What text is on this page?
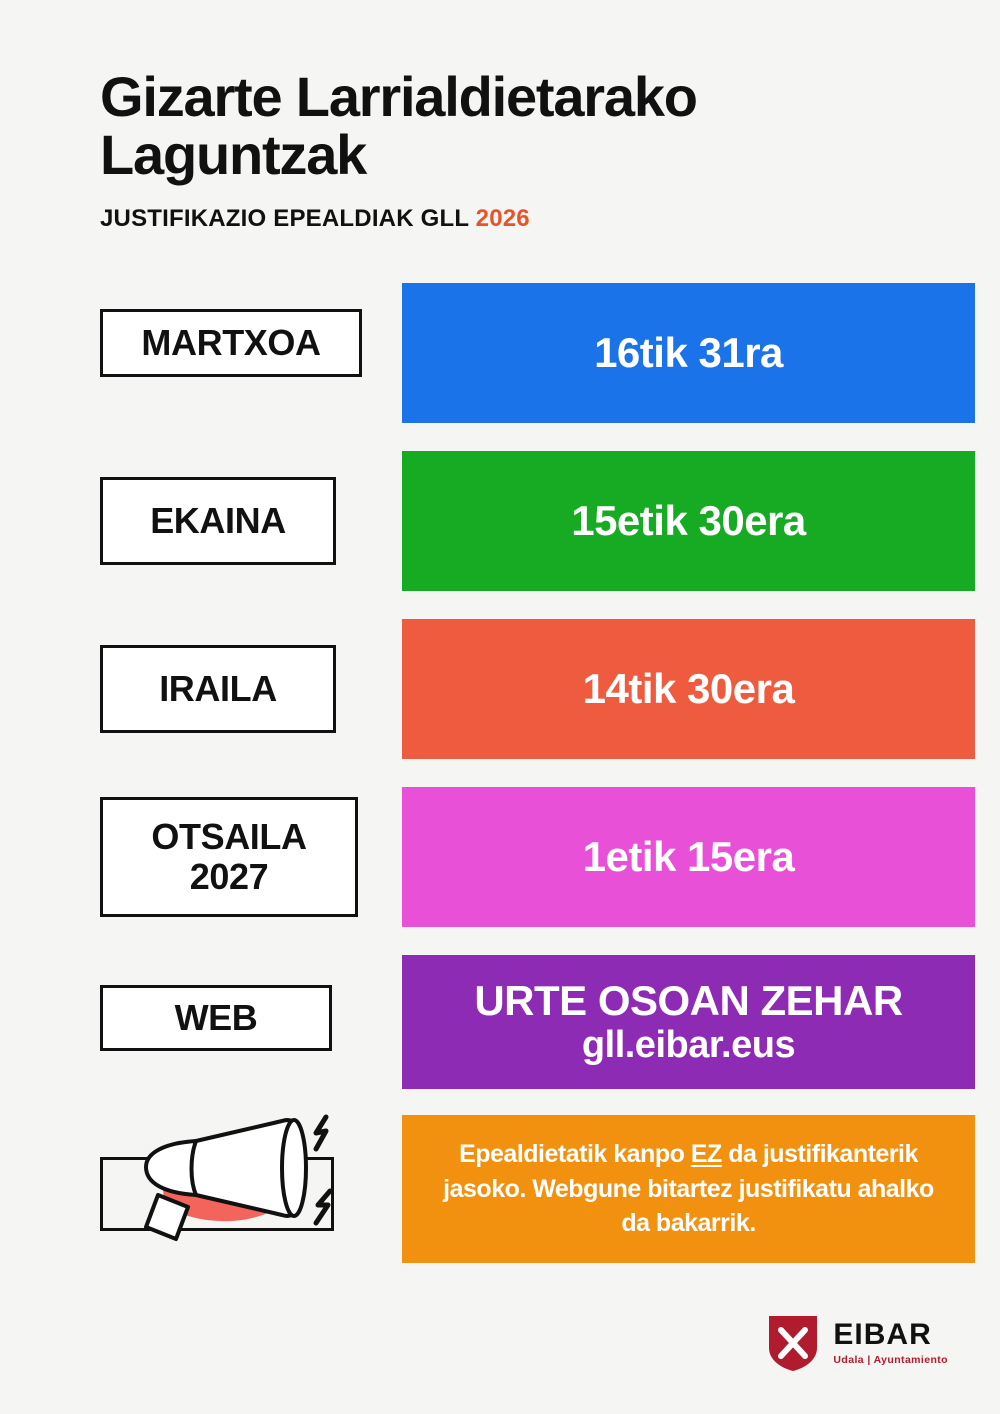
Gizarte Larrialdietarako Laguntzak
JUSTIFIKAZIO EPEALDIAK GLL 2026
16tik 31ra
MARTXOA
15etik 30era
EKAINA
14tik 30era
IRAILA
1etik 15era
OTSAILA 2027
URTE OSOAN ZEHAR
gll.eibar.eus
WEB
Epealdietatik kanpo EZ da justifikanterik jasoko. Webgune bitartez justifikatu ahalko da bakarrik.
EIBAR
Udala | Ayuntamiento
